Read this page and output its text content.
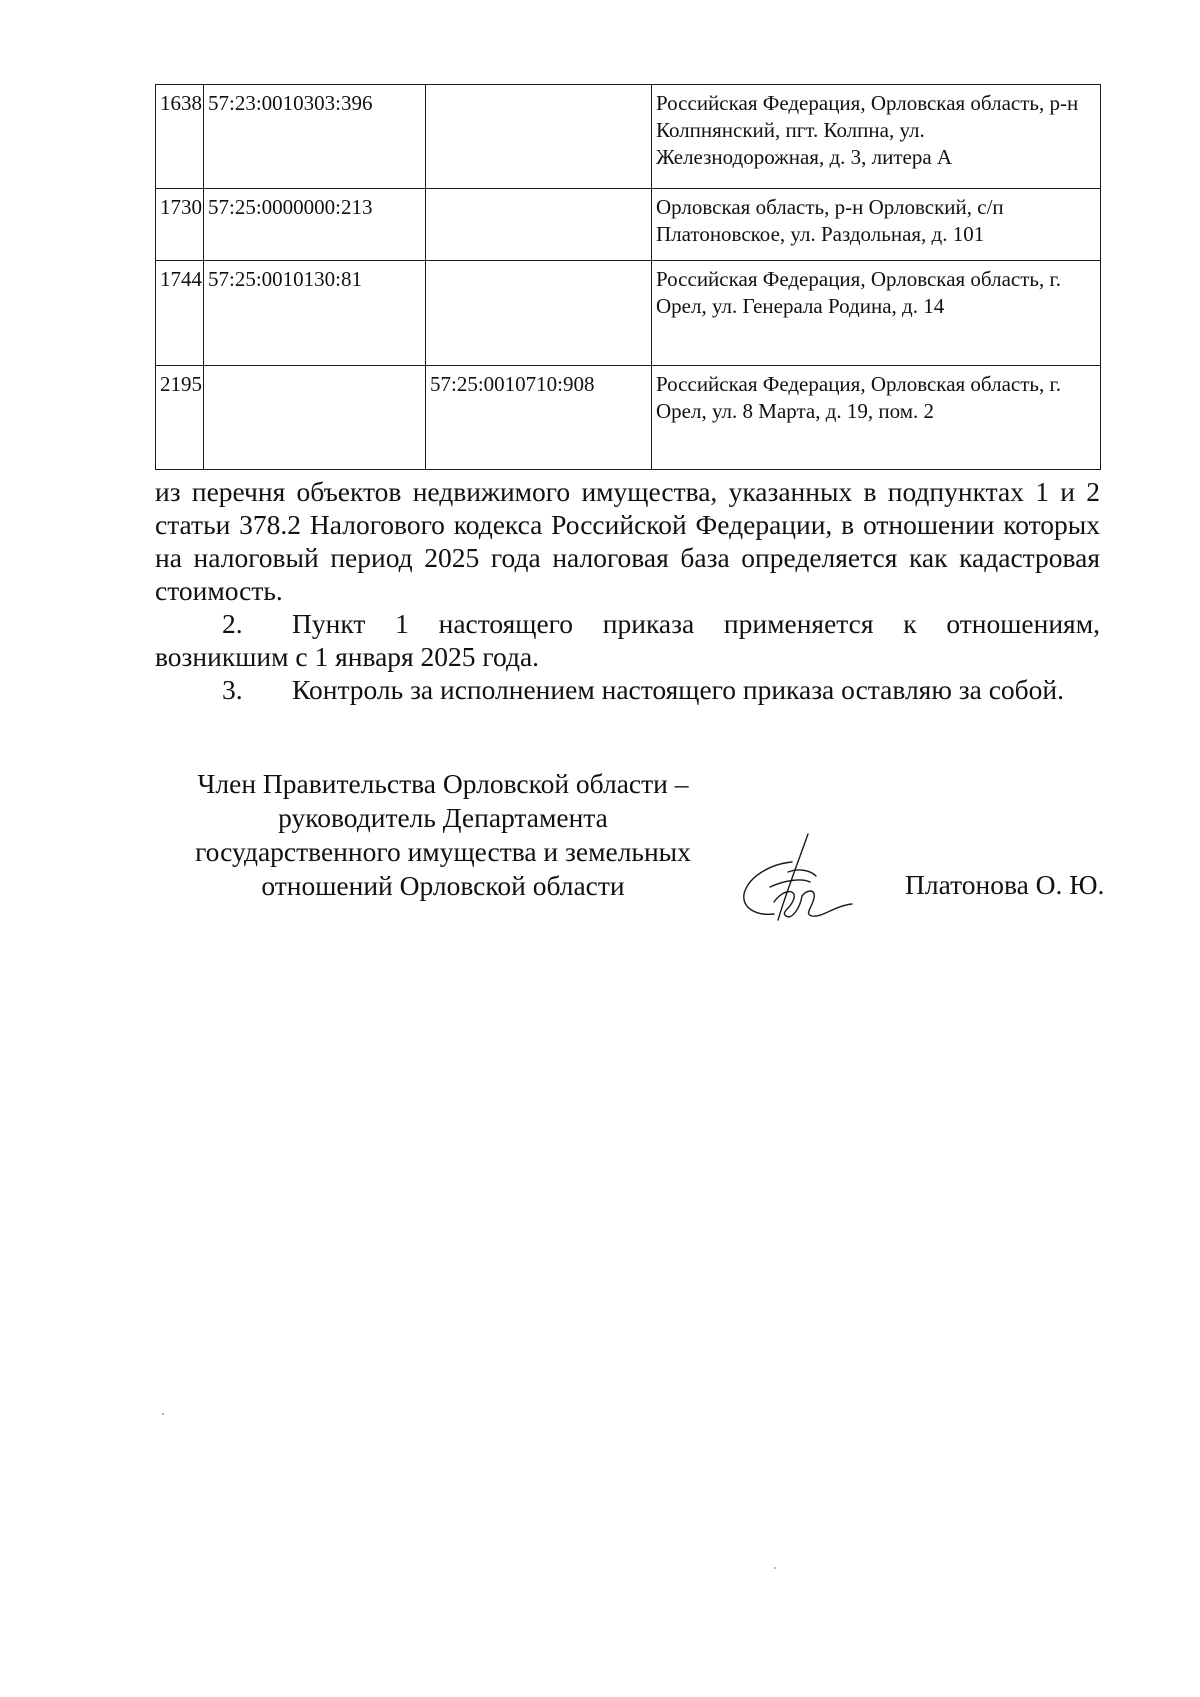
1638	57:23:0010303:396		Российская Федерация, Орловская область, р-н Колпнянский, пгт. Колпна, ул. Железнодорожная, д. 3, литера А
1730	57:25:0000000:213		Орловская область, р-н Орловский, с/п Платоновское, ул. Раздольная, д. 101
1744	57:25:0010130:81		Российская Федерация, Орловская область, г. Орел, ул. Генерала Родина, д. 14
2195		57:25:0010710:908	Российская Федерация, Орловская область, г. Орел, ул. 8 Марта, д. 19, пом. 2

из перечня объектов недвижимого имущества, указанных в подпунктах 1 и 2 статьи 378.2 Налогового кодекса Российской Федерации, в отношении которых на налоговый период 2025 года налоговая база определяется как кадастровая стоимость.

2. Пункт 1 настоящего приказа применяется к отношениям, возникшим с 1 января 2025 года.

3. Контроль за исполнением настоящего приказа оставляю за собой.

Член Правительства Орловской области –
руководитель Департамента
государственного имущества и земельных
отношений Орловской области	Платонова О. Ю.
